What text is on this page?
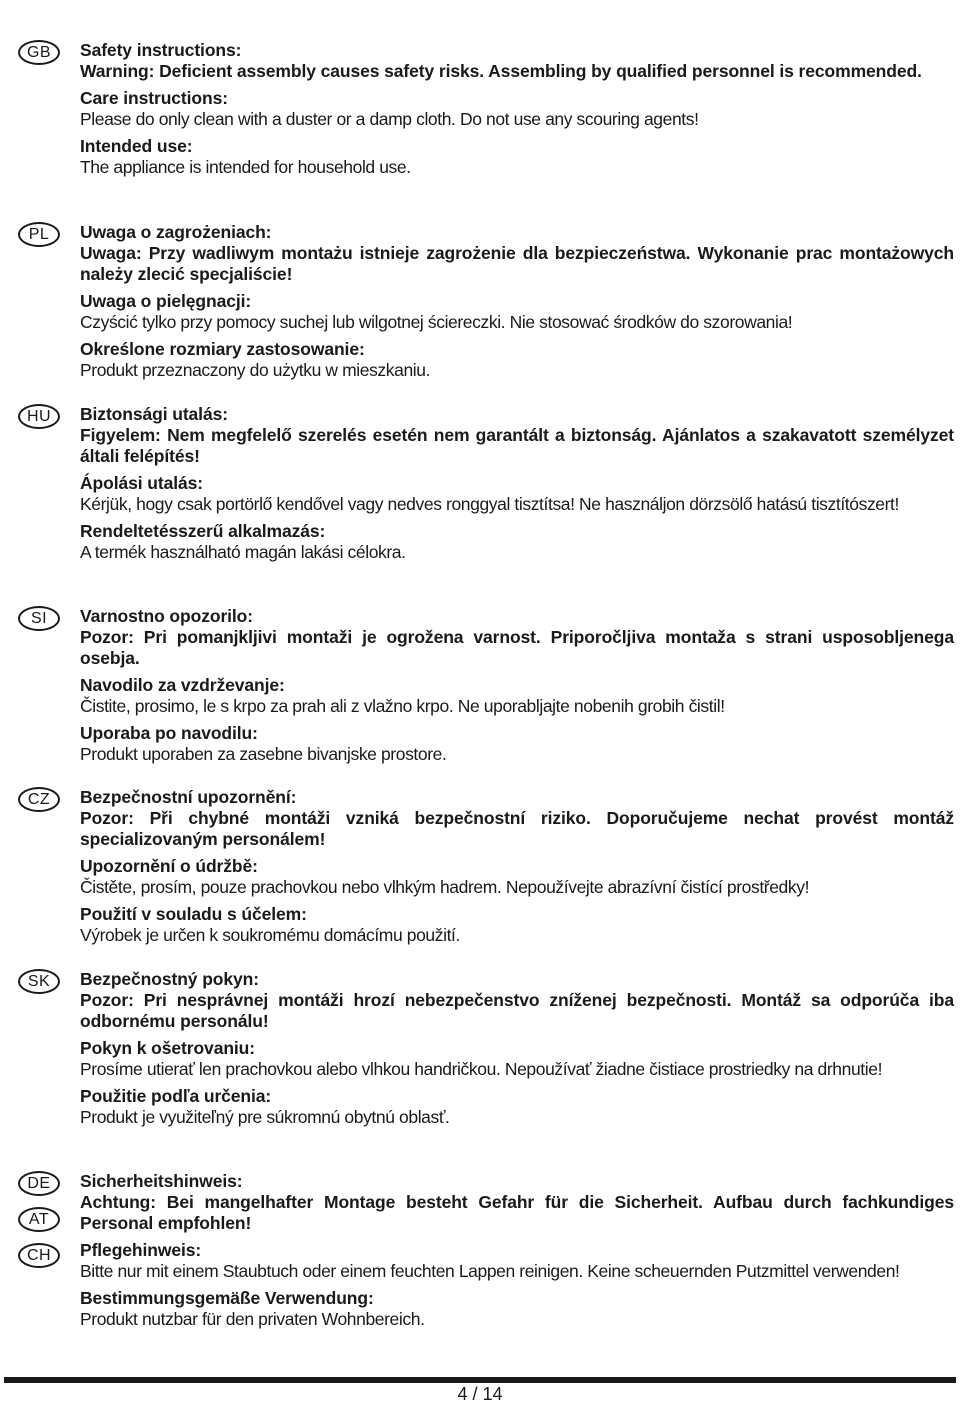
GB	Safety instructions:

Warning: Deficient assembly causes safety risks. Assembling by qualified personnel is recommended.

Care instructions:

Please do only clean with a duster or a damp cloth. Do not use any scouring agents!

Intended use:

The appliance is intended for household use.

PL	Uwaga o zagrożeniach:

Uwaga: Przy wadliwym montażu istnieje zagrożenie dla bezpieczeństwa. Wykonanie prac montażowych należy zlecić specjaliście!

Uwaga o pielęgnacji:

Czyścić tylko przy pomocy suchej lub wilgotnej ściereczki. Nie stosować środków do szorowania!

Określone rozmiary zastosowanie:

Produkt przeznaczony do użytku w mieszkaniu.

HU	Biztonsági utalás:

Figyelem: Nem megfelelő szerelés esetén nem garantált a biztonság. Ajánlatos a szakavatott személyzet általi felépítés!

Ápolási utalás:

Kérjük, hogy csak portörlő kendővel vagy nedves ronggyal tisztítsa! Ne használjon dörzsölő hatású tisztítószert!

Rendeltetésszerű alkalmazás:

A termék használható magán lakási célokra.

SI	Varnostno opozorilo:

Pozor: Pri pomanjkljivi montaži je ogrožena varnost. Priporočljiva montaža s strani usposobljenega osebja.

Navodilo za vzdrževanje:

Čistite, prosimo, le s krpo za prah ali z vlažno krpo. Ne uporabljajte nobenih grobih čistil!

Uporaba po navodilu:

Produkt uporaben za zasebne bivanjske prostore.

CZ	Bezpečnostní upozornění:

Pozor: Při chybné montáži vzniká bezpečnostní riziko. Doporučujeme nechat provést montáž specializovaným personálem!

Upozornění o údržbě:

Čistěte, prosím, pouze prachovkou nebo vlhkým hadrem. Nepoužívejte abrazívní čistící prostředky!

Použití v souladu s účelem:

Výrobek je určen k soukromému domácímu použití.

SK	Bezpečnostný pokyn:

Pozor: Pri nesprávnej montáži hrozí nebezpečenstvo zníženej bezpečnosti. Montáž sa odporúča iba odbornému personálu!

Pokyn k ošetrovaniu:

Prosíme utierať len prachovkou alebo vlhkou handričkou. Nepoužívať žiadne čistiace prostriedky na drhnutie!

Použitie podľa určenia:

Produkt je využiteľný pre súkromnú obytnú oblasť.

DE
AT
CH

Sicherheitshinweis:

Achtung: Bei mangelhafter Montage besteht Gefahr für die Sicherheit. Aufbau durch fachkundiges Personal empfohlen!

Pflegehinweis:

Bitte nur mit einem Staubtuch oder einem feuchten Lappen reinigen. Keine scheuernden Putzmittel verwenden!

Bestimmungsgemäße Verwendung:

Produkt nutzbar für den privaten Wohnbereich.

4 / 14
